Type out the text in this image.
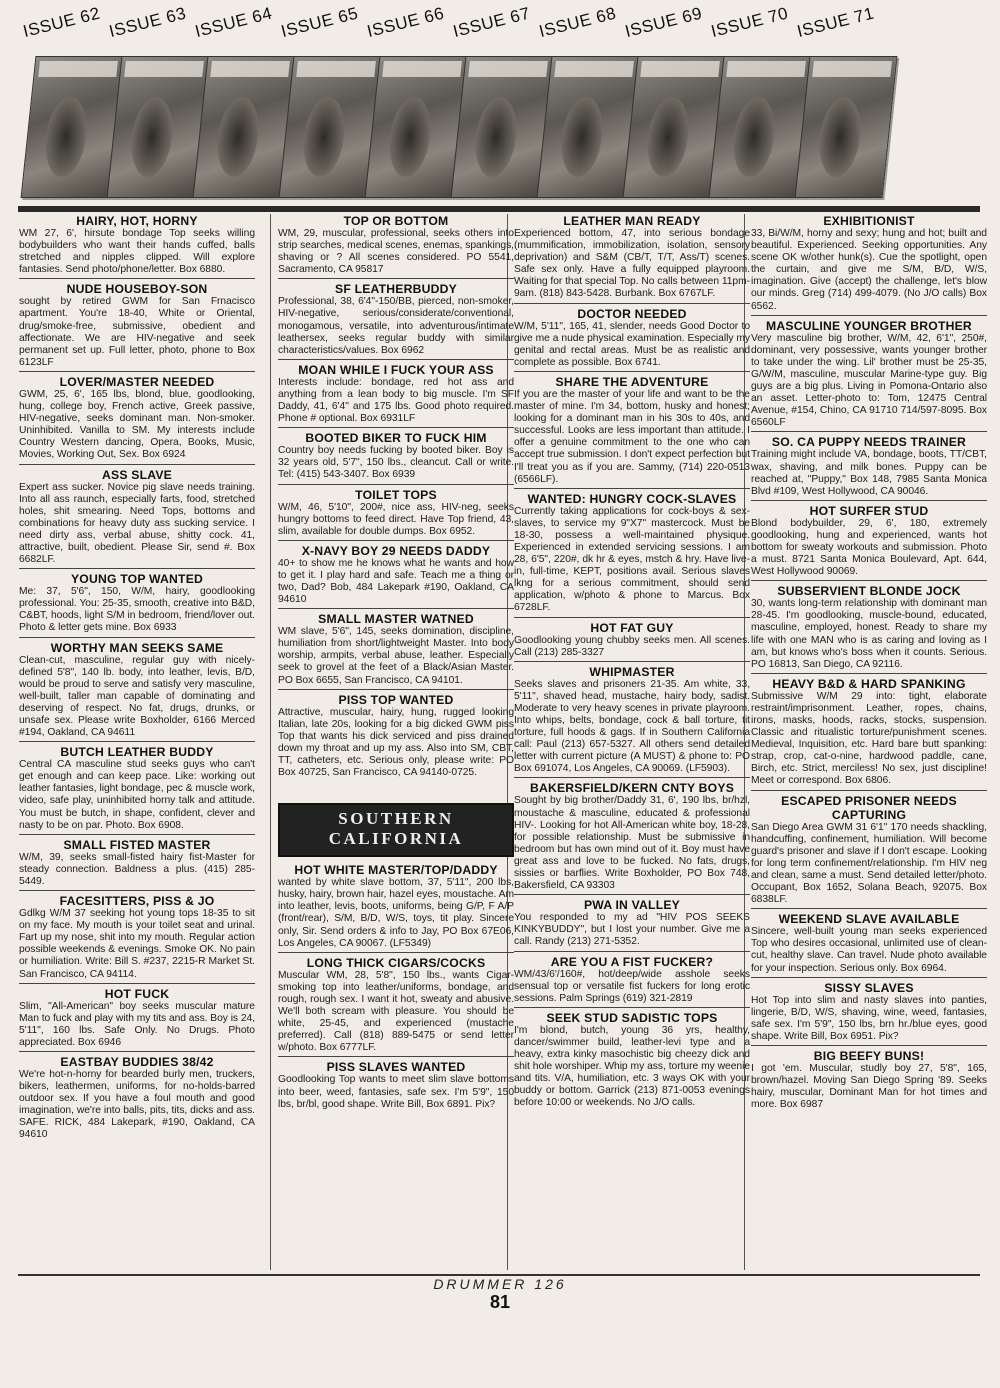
ISSUE 62 ISSUE 63 ISSUE 64 ISSUE 65 ISSUE 66 ISSUE 67 ISSUE 68 ISSUE 69 ISSUE 70 ISSUE 71
HAIRY, HOT, HORNY

WM 27, 6', hirsute bondage Top seeks willing bodybuilders who want their hands cuffed, balls stretched and nipples clipped. Will explore fantasies. Send photo/phone/letter. Box 6880.

NUDE HOUSEBOY-SON

sought by retired GWM for San Frnacisco apartment. You're 18-40, White or Oriental, drug/smoke-free, submissive, obedient and affectionate. We are HIV-negative and seek permanent set up. Full letter, photo, phone to Box 6123LF

LOVER/MASTER NEEDED

GWM, 25, 6', 165 lbs, blond, blue, goodlooking, hung, college boy, French active, Greek passive, HIV-negative, seeks dominant man. Non-smoker. Uninhibited. Vanilla to SM. My interests include Country Western dancing, Opera, Books, Music, Movies, Working Out, Sex. Box 6924

ASS SLAVE

Expert ass sucker. Novice pig slave needs training. Into all ass raunch, especially farts, food, stretched holes, shit smearing. Need Tops, bottoms and combinations for heavy duty ass sucking service. I need dirty ass, verbal abuse, shitty cock. 41, attractive, built, obedient. Please Sir, send #. Box 6682LF.

YOUNG TOP WANTED

Me: 37, 5'6", 150, W/M, hairy, goodlooking professional. You: 25-35, smooth, creative into B&D, C&BT, hoods, light S/M in bedroom, friend/lover out. Photo & letter gets mine. Box 6933

WORTHY MAN SEEKS SAME

Clean-cut, masculine, regular guy with nicely-defined 5'8", 140 lb. body, into leather, levis, B/D, would be proud to serve and satisfy very masculine, well-built, taller man capable of dominating and deserving of respect. No fat, drugs, drunks, or unsafe sex. Please write Boxholder, 6166 Merced #194, Oakland, CA 94611

BUTCH LEATHER BUDDY

Central CA masculine stud seeks guys who can't get enough and can keep pace. Like: working out leather fantasies, light bondage, pec & muscle work, video, safe play, uninhibited horny talk and attitude. You must be butch, in shape, confident, clever and nasty to be on par. Photo. Box 6908.

SMALL FISTED MASTER

W/M, 39, seeks small-fisted hairy fist-Master for steady connection. Baldness a plus. (415) 285-5449.

FACESITTERS, PISS & JO

Gdlkg W/M 37 seeking hot young tops 18-35 to sit on my face. My mouth is your toilet seat and urinal. Fart up my nose, shit into my mouth. Regular action possible weekends & evenings. Smoke OK. No pain or humiliation. Write: Bill S. #237, 2215-R Market St. San Francisco, CA 94114.

HOT FUCK

Slim, "All-American" boy seeks muscular mature Man to fuck and play with my tits and ass. Boy is 24, 5'11", 160 lbs. Safe Only. No Drugs. Photo appreciated. Box 6946

EASTBAY BUDDIES 38/42

We're hot-n-horny for bearded burly men, truckers, bikers, leathermen, uniforms, for no-holds-barred outdoor sex. If you have a foul mouth and good imagination, we're into balls, pits, tits, dicks and ass. SAFE. RICK, 484 Lakepark, #190, Oakland, CA 94610

TOP OR BOTTOM

WM, 29, muscular, professional, seeks others into strip searches, medical scenes, enemas, spankings, shaving or ? All scenes considered. PO 5541, Sacramento, CA 95817

SF LEATHERBUDDY

Professional, 38, 6'4"-150/BB, pierced, non-smoker, HIV-negative, serious/considerate/conventional, monogamous, versatile, into adventurous/intimate leathersex, seeks regular buddy with similar characteristics/values. Box 6962

MOAN WHILE I FUCK YOUR ASS

Interests include: bondage, red hot ass and anything from a lean body to big muscle. I'm SF Daddy, 41, 6'4" and 175 lbs. Good photo required. Phone # optional. Box 6931LF

BOOTED BIKER TO FUCK HIM

Country boy needs fucking by booted biker. Boy is 32 years old, 5'7", 150 lbs., cleancut. Call or write. Tel: (415) 543-3407. Box 6939

TOILET TOPS

W/M, 46, 5'10", 200#, nice ass, HIV-neg, seeks hungry bottoms to feed direct. Have Top friend, 43, slim, available for double dumps. Box 6952.

X-NAVY BOY 29 NEEDS DADDY

40+ to show me he knows what he wants and how to get it. I play hard and safe. Teach me a thing or two, Dad? Bob, 484 Lakepark #190, Oakland, CA 94610

SMALL MASTER WATNED

WM slave, 5'6", 145, seeks domination, discipline, humiliation from short/lightweight Master. Into body worship, armpits, verbal abuse, leather. Especially seek to grovel at the feet of a Black/Asian Master. PO Box 6655, San Francisco, CA 94101.

PISS TOP WANTED

Attractive, muscular, hairy, hung, rugged looking Italian, late 20s, looking for a big dicked GWM piss Top that wants his dick serviced and piss drained down my throat and up my ass. Also into SM, CBT, TT, catheters, etc. Serious only, please write: PO Box 40725, San Francisco, CA 94140-0725.

SOUTHERN
CALIFORNIA
HOT WHITE MASTER/TOP/DADDY

wanted by white slave bottom, 37, 5'11", 200 lbs, husky, hairy, brown hair, hazel eyes, moustache. Am into leather, levis, boots, uniforms, being G/P, F A/P (front/rear), S/M, B/D, W/S, toys, tit play. Sincere only, Sir. Send orders & info to Jay, PO Box 67E06, Los Angeles, CA 90067. (LF5349)

LONG THICK CIGARS/COCKS

Muscular WM, 28, 5'8", 150 lbs., wants Cigar-smoking top into leather/uniforms, bondage, and rough, rough sex. I want it hot, sweaty and abusive. We'll both scream with pleasure. You should be white, 25-45, and experienced (mustache preferred). Call (818) 889-5475 or send letter w/photo. Box 6777LF.

PISS SLAVES WANTED

Goodlooking Top wants to meet slim slave bottoms into beer, weed, fantasies, safe sex. I'm 5'9", 150 lbs, br/bl, good shape. Write Bill, Box 6891. Pix?

LEATHER MAN READY

Experienced bottom, 47, into serious bondage (mummification, immobilization, isolation, sensory deprivation) and S&M (CB/T, T/T, Ass/T) scenes. Safe sex only. Have a fully equipped playroom. Waiting for that special Top. No calls between 11pm-9am. (818) 843-5428. Burbank. Box 6767LF.

DOCTOR NEEDED

W/M, 5'11", 165, 41, slender, needs Good Doctor to give me a nude physical examination. Especially my genital and rectal areas. Must be as realistic and complete as possible. Box 6741.

SHARE THE ADVENTURE

If you are the master of your life and want to be the master of mine. I'm 34, bottom, husky and honest; looking for a dominant man in his 30s to 40s, and successful. Looks are less important than attitude. I offer a genuine commitment to the one who can accept true submission. I don't expect perfection but I'll treat you as if you are. Sammy, (714) 220-0513 (6566LF).

WANTED: HUNGRY COCK-SLAVES

Currently taking applications for cock-boys & sex-slaves, to service my 9"X7" mastercock. Must be 18-30, possess a well-maintained physique. Experienced in extended servicing sessions. I am 28, 6'5", 220#, dk hr & eyes, mstch & hry. Have live-in, full-time, KEPT, positions avail. Serious slaves lkng for a serious commitment, should send application, w/photo & phone to Marcus. Box 6728LF.

HOT FAT GUY

Goodlooking young chubby seeks men. All scenes. Call (213) 285-3327

WHIPMASTER

Seeks slaves and prisoners 21-35. Am white, 33, 5'11", shaved head, mustache, hairy body, sadist. Moderate to very heavy scenes in private playroom. Into whips, belts, bondage, cock & ball torture, tit torture, full hoods & gags. If in Southern California call: Paul (213) 657-5327. All others send detailed letter with current picture (A MUST) & phone to: PO Box 691074, Los Angeles, CA 90069. (LF5903).

BAKERSFIELD/KERN CNTY BOYS

Sought by big brother/Daddy 31, 6', 190 lbs, br/hzl, moustache & masculine, educated & professional HIV-. Looking for hot All-American white boy, 18-28, for possible relationship. Must be submissive in bedroom but has own mind out of it. Boy must have great ass and love to be fucked. No fats, drugs, sissies or barflies. Write Boxholder, PO Box 748, Bakersfield, CA 93303

PWA IN VALLEY

You responded to my ad "HIV POS SEEKS KINKYBUDDY", but I lost your number. Give me a call. Randy (213) 271-5352.

ARE YOU A FIST FUCKER?

WM/43/6'/160#, hot/deep/wide asshole seeks sensual top or versatile fist fuckers for long erotic sessions. Palm Springs (619) 321-2819

SEEK STUD SADISTIC TOPS

I'm blond, butch, young 36 yrs, healthy, dancer/swimmer build, leather-levi type and a heavy, extra kinky masochistic big cheezy dick and shit hole worshiper. Whip my ass, torture my weenie and tits. V/A, humiliation, etc. 3 ways OK with your buddy or bottom. Garrick (213) 871-0053 evenings before 10:00 or weekends. No J/O calls.

EXHIBITIONIST

33, Bi/W/M, horny and sexy; hung and hot; built and beautiful. Experienced. Seeking opportunities. Any scene OK w/other hunk(s). Cue the spotlight, open the curtain, and give me S/M, B/D, W/S, imagination. Give (accept) the challenge, let's blow our minds. Greg (714) 499-4079. (No J/O calls) Box 6562.

MASCULINE YOUNGER BROTHER

Very masculine big brother, W/M, 42, 6'1", 250#, dominant, very possessive, wants younger brother to take under the wing. Lil' brother must be 25-35, G/W/M, masculine, muscular Marine-type guy. Big guys are a big plus. Living in Pomona-Ontario also an asset. Letter-photo to: Tom, 12475 Central Avenue, #154, Chino, CA 91710 714/597-8095. Box 6560LF

SO. CA PUPPY NEEDS TRAINER

Training might include VA, bondage, boots, TT/CBT, wax, shaving, and milk bones. Puppy can be reached at, "Puppy," Box 148, 7985 Santa Monica Blvd #109, West Hollywood, CA 90046.

HOT SURFER STUD

Blond bodybuilder, 29, 6', 180, extremely goodlooking, hung and experienced, wants hot bottom for sweaty workouts and submission. Photo a must. 8721 Santa Monica Boulevard, Apt. 644, West Hollywood 90069.

SUBSERVIENT BLONDE JOCK

30, wants long-term relationship with dominant man 28-45. I'm goodlooking, muscle-bound, educated, masculine, employed, honest. Ready to share my life with one MAN who is as caring and loving as I am, but knows who's boss when it counts. Serious. PO 16813, San Diego, CA 92116.

HEAVY B&D & HARD SPANKING

Submissive W/M 29 into: tight, elaborate restraint/imprisonment. Leather, ropes, chains, irons, masks, hoods, racks, stocks, suspension. Classic and ritualistic torture/punishment scenes. Medieval, Inquisition, etc. Hard bare butt spanking: strap, crop, cat-o-nine, hardwood paddle, cane, Birch, etc. Strict, merciless! No sex, just discipline! Meet or correspond. Box 6806.

ESCAPED PRISONER NEEDS CAPTURING

San Diego Area GWM 31 6'1" 170 needs shackling, handcuffing, confinement, humiliation. Will become guard's prisoner and slave if I don't escape. Looking for long term confinement/relationship. I'm HIV neg and clean, same a must. Send detailed letter/photo. Occupant, Box 1652, Solana Beach, 92075. Box 6838LF.

WEEKEND SLAVE AVAILABLE

Sincere, well-built young man seeks experienced Top who desires occasional, unlimited use of clean-cut, healthy slave. Can travel. Nude photo available for your inspection. Serious only. Box 6964.

SISSY SLAVES

Hot Top into slim and nasty slaves into panties, lingerie, B/D, W/S, shaving, wine, weed, fantasies, safe sex. I'm 5'9", 150 lbs, brn hr./blue eyes, good shape. Write Bill, Box 6951. Pix?

BIG BEEFY BUNS!

I got 'em. Muscular, studly boy 27, 5'8", 165, brown/hazel. Moving San Diego Spring '89. Seeks hairy, muscular, Dominant Man for hot times and more. Box 6987

DRUMMER 126
81
